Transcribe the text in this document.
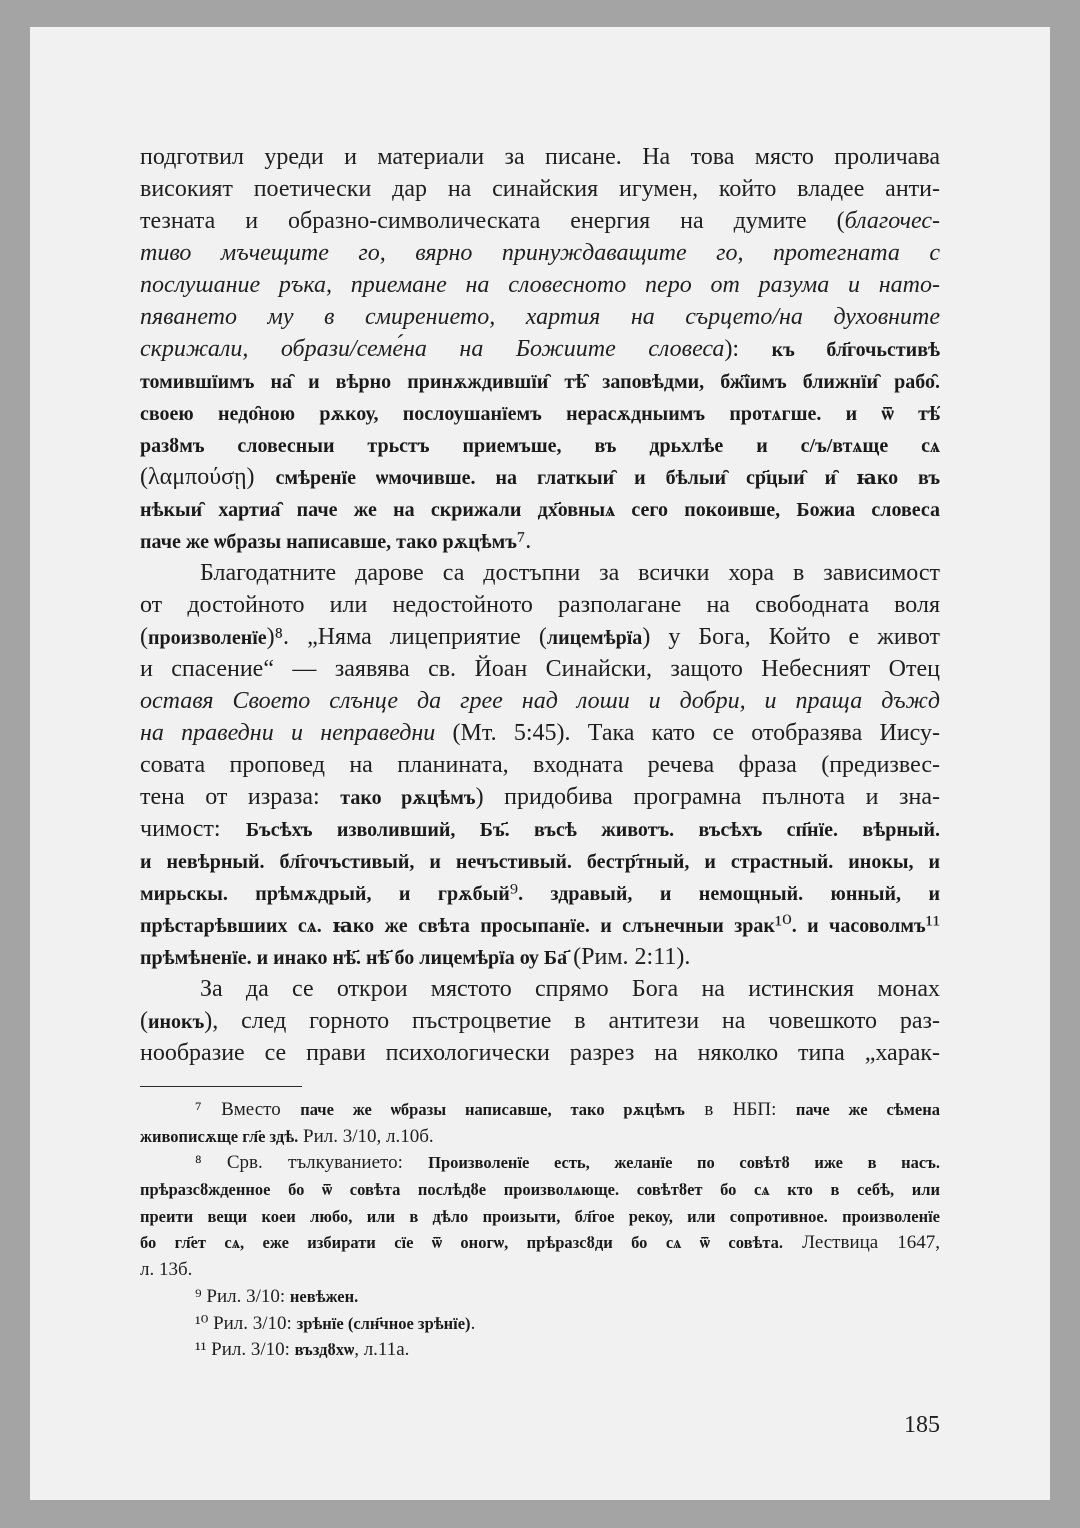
подготвил уреди и материали за писане. На това място проличава
високият поетически дар на синайския игумен, който владее анти-
тезната и образно-символическата енергия на думите (благочес-
тиво мъчещите го, вярно принуждаващите го, протегната с
послушание ръка, приемане на словесното перо от разума и нато-
пяването му в смирението, хартия на сърцето/на духовните
скрижали, образи/семе́на на Божиите словеса): къ бл҃гочьстивѣ
томившїимъ на̑ и вѣрно принѫждившїи̑ тѣ̑ заповѣдми, бж҃їимъ ближнїи̑ рабо̑.
своею недо̑ною рѫкоу, послоушанїемъ нерасѫдныимъ протѧгше. и ѿ тѣ̑
разȣмъ словесныи трьстъ приемъше, въ дрьхлѣе и с/ъ/втѧще сѧ
(λαμπούσῃ) смѣренїе ѡмочивше. на глаткыи̑ и бѣлыи̑ ср҃цыи̑ и̑ ꙗко въ
нѣкыи̑ хартиа̑ паче же на скрижали дх҃овныѧ сего покоивше, Божиа словеса
паче же ѡбразы написавше, тако рѫцѣмъ⁷.
Благодатните дарове са достъпни за всички хора в зависимост
от достойното или недостойното разполагане на свободната воля
(произволенїе)⁸. „Няма лицеприятие (лицемѣрїа) у Бога, Който е живот
и спасение“ — заявява св. Йоан Синайски, защото Небесният Отец
оставя Своето слънце да грее над лоши и добри, и праща дъжд
на праведни и неправедни (Мт. 5:45). Така като се отобразява Иису-
совата проповед на планината, входната речева фраза (предизвес-
тена от израза: тако рѫцѣмъ) придобива програмна пълнота и зна-
чимост: Бъсѣхъ изволивший, Бъ҃. въсѣ животъ. въсѣхъ сп҃нїе. вѣрный.
и невѣрный. бл҃гочъстивый, и нечъстивый. бестр҃тный, и страстный. инокы, и
мирьскы. прѣмѫдрый, и грѫбый⁹. здравый, и немощный. юнный, и
прѣстарѣвшиих сѧ. ꙗко же свѣта просыпанїе. и слънечныи зрак¹⁰. и часоволмъ¹¹
прѣмѣненїе. и инако нѣ҃. нѣ҃ бо лицемѣрїа оу Ба҃ (Рим. 2:11).
За да се открои мястото спрямо Бога на истинския монах
(инокъ), след горното пъстроцветие в антитези на човешкото раз-
нообразие се прави психологически разрез на няколко типа „харак-
⁷ Вместо паче же ѡбразы написавше, тако рѫцѣмъ в НБП: паче же сѣмена
живописѫще гл҃е здѣ. Рил. 3/10, л.10б.
⁸ Срв. тълкуванието: Произволенїе есть, желанїе по совѣтȣ иже в насъ.
прѣразсȣжденное бо ѿ совѣта послѣдȣе произволѧюще. совѣтȣет бо сѧ кто в себѣ, или
преити вещи коеи любо, или в дѣло произыти, бл҃гое рекоу, или сопротивное. произволенїе
бо гл҃ет сѧ, еже избирати сїе ѿ оногѡ, прѣразсȣди бо сѧ ѿ совѣта. Лествица 1647,
л. 13б.
⁹ Рил. 3/10: невѣжен.
¹⁰ Рил. 3/10: зрѣнїе (слн҃чное зрѣнїе).
¹¹ Рил. 3/10: въздȣхѡ, л.11а.
185
